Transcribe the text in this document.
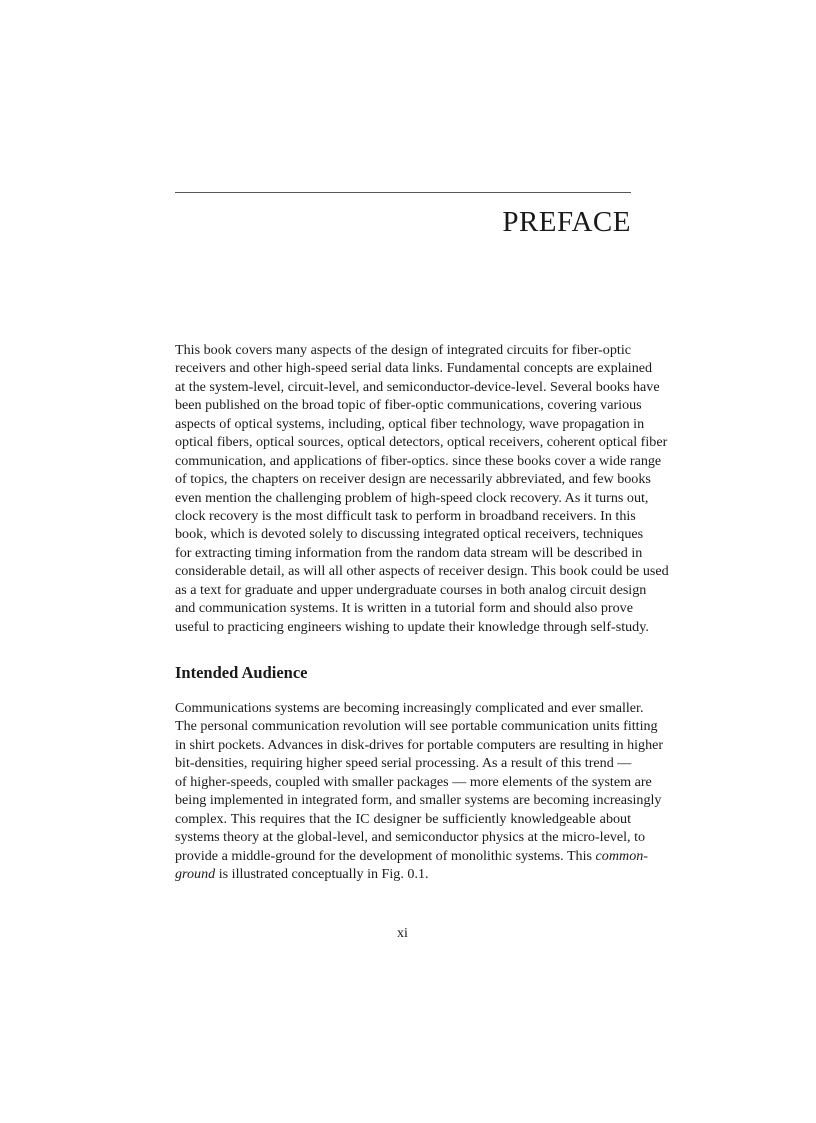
PREFACE
This book covers many aspects of the design of integrated circuits for fiber-optic
receivers and other high-speed serial data links. Fundamental concepts are explained
at the system-level, circuit-level, and semiconductor-device-level. Several books have
been published on the broad topic of fiber-optic communications, covering various
aspects of optical systems, including, optical fiber technology, wave propagation in
optical fibers, optical sources, optical detectors, optical receivers, coherent optical fiber
communication, and applications of fiber-optics. since these books cover a wide range
of topics, the chapters on receiver design are necessarily abbreviated, and few books
even mention the challenging problem of high-speed clock recovery. As it turns out,
clock recovery is the most difficult task to perform in broadband receivers. In this
book, which is devoted solely to discussing integrated optical receivers, techniques
for extracting timing information from the random data stream will be described in
considerable detail, as will all other aspects of receiver design. This book could be used
as a text for graduate and upper undergraduate courses in both analog circuit design
and communication systems. It is written in a tutorial form and should also prove
useful to practicing engineers wishing to update their knowledge through self-study.
Intended Audience
Communications systems are becoming increasingly complicated and ever smaller.
The personal communication revolution will see portable communication units fitting
in shirt pockets. Advances in disk-drives for portable computers are resulting in higher
bit-densities, requiring higher speed serial processing. As a result of this trend —
of higher-speeds, coupled with smaller packages — more elements of the system are
being implemented in integrated form, and smaller systems are becoming increasingly
complex. This requires that the IC designer be sufficiently knowledgeable about
systems theory at the global-level, and semiconductor physics at the micro-level, to
provide a middle-ground for the development of monolithic systems. This common-
ground is illustrated conceptually in Fig. 0.1.
xi
